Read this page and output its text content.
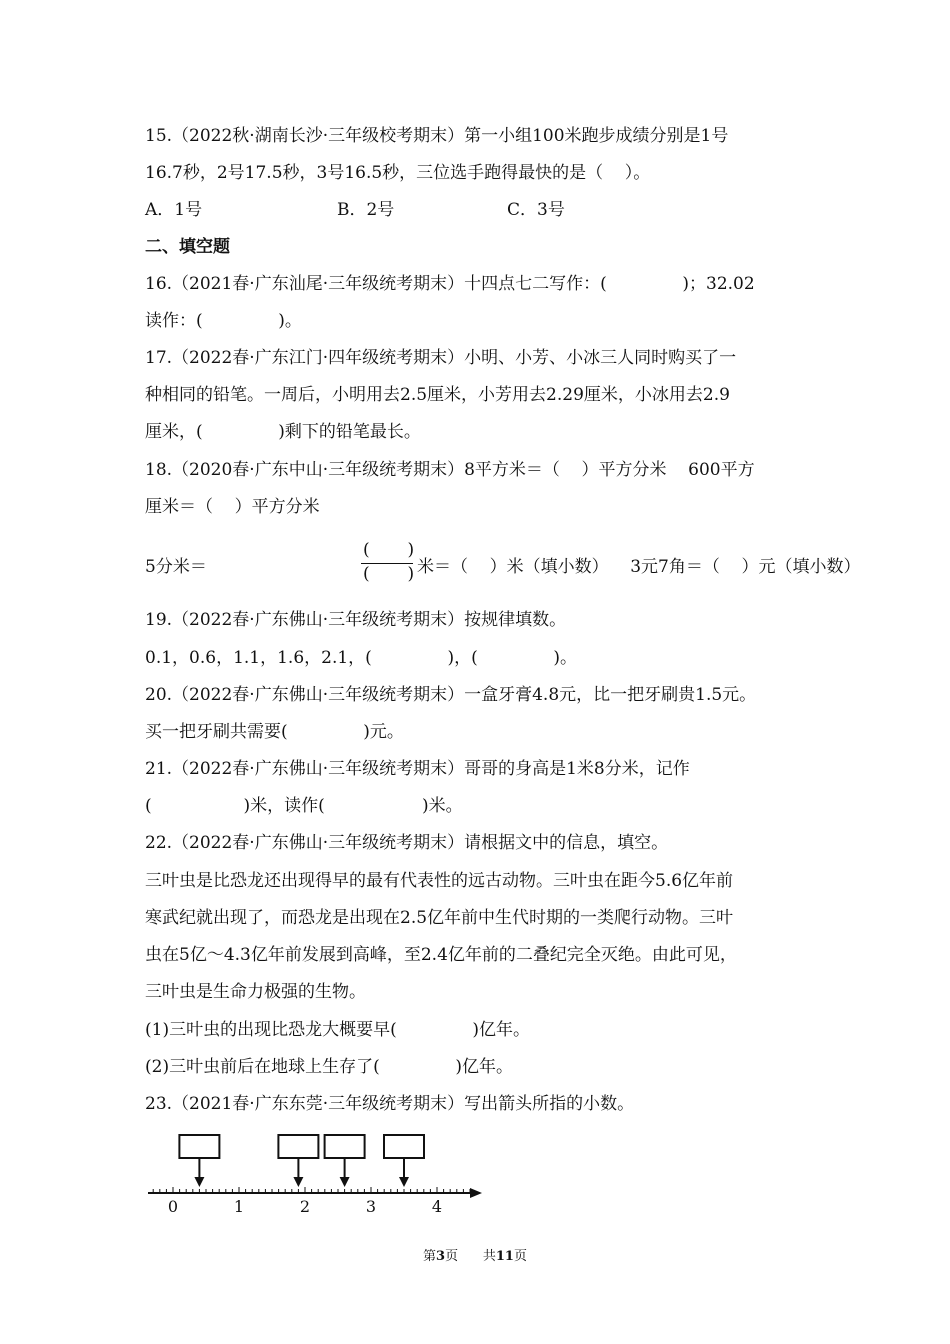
15.（2022秋·湖南长沙·三年级校考期末）第一小组100米跑步成绩分别是1号
16.7秒，2号17.5秒，3号16.5秒，三位选手跑得最快的是（    ）。
A．1号	B．2号	C．3号
二、填空题
16.（2021春·广东汕尾·三年级统考期末）十四点七二写作：(              )；32.02
读作：(              )。
17.（2022春·广东江门·四年级统考期末）小明、小芳、小冰三人同时购买了一
种相同的铅笔。一周后，小明用去2.5厘米，小芳用去2.29厘米，小冰用去2.9
厘米，(              )剩下的铅笔最长。
18.（2020春·广东中山·三年级统考期末）8平方米＝（    ）平方分米    600平方
厘米＝（    ）平方分米
5分米＝
(       )
(       ) 米＝（    ）米（填小数）    3元7角＝（    ）元（填小数）
19.（2022春·广东佛山·三年级统考期末）按规律填数。
0.1，0.6，1.1，1.6，2.1，(              )，(              )。
20.（2022春·广东佛山·三年级统考期末）一盒牙膏4.8元，比一把牙刷贵1.5元。
买一把牙刷共需要(              )元。
21.（2022春·广东佛山·三年级统考期末）哥哥的身高是1米8分米，记作
(                 )米，读作(                  )米。
22.（2022春·广东佛山·三年级统考期末）请根据文中的信息，填空。
三叶虫是比恐龙还出现得早的最有代表性的远古动物。三叶虫在距今5.6亿年前
寒武纪就出现了，而恐龙是出现在2.5亿年前中生代时期的一类爬行动物。三叶
虫在5亿～4.3亿年前发展到高峰，至2.4亿年前的二叠纪完全灭绝。由此可见，
三叶虫是生命力极强的生物。
(1)三叶虫的出现比恐龙大概要早(              )亿年。
(2)三叶虫前后在地球上生存了(              )亿年。
23.（2021春·广东东莞·三年级统考期末）写出箭头所指的小数。
0	1	2	3	4
第3页      共11页
